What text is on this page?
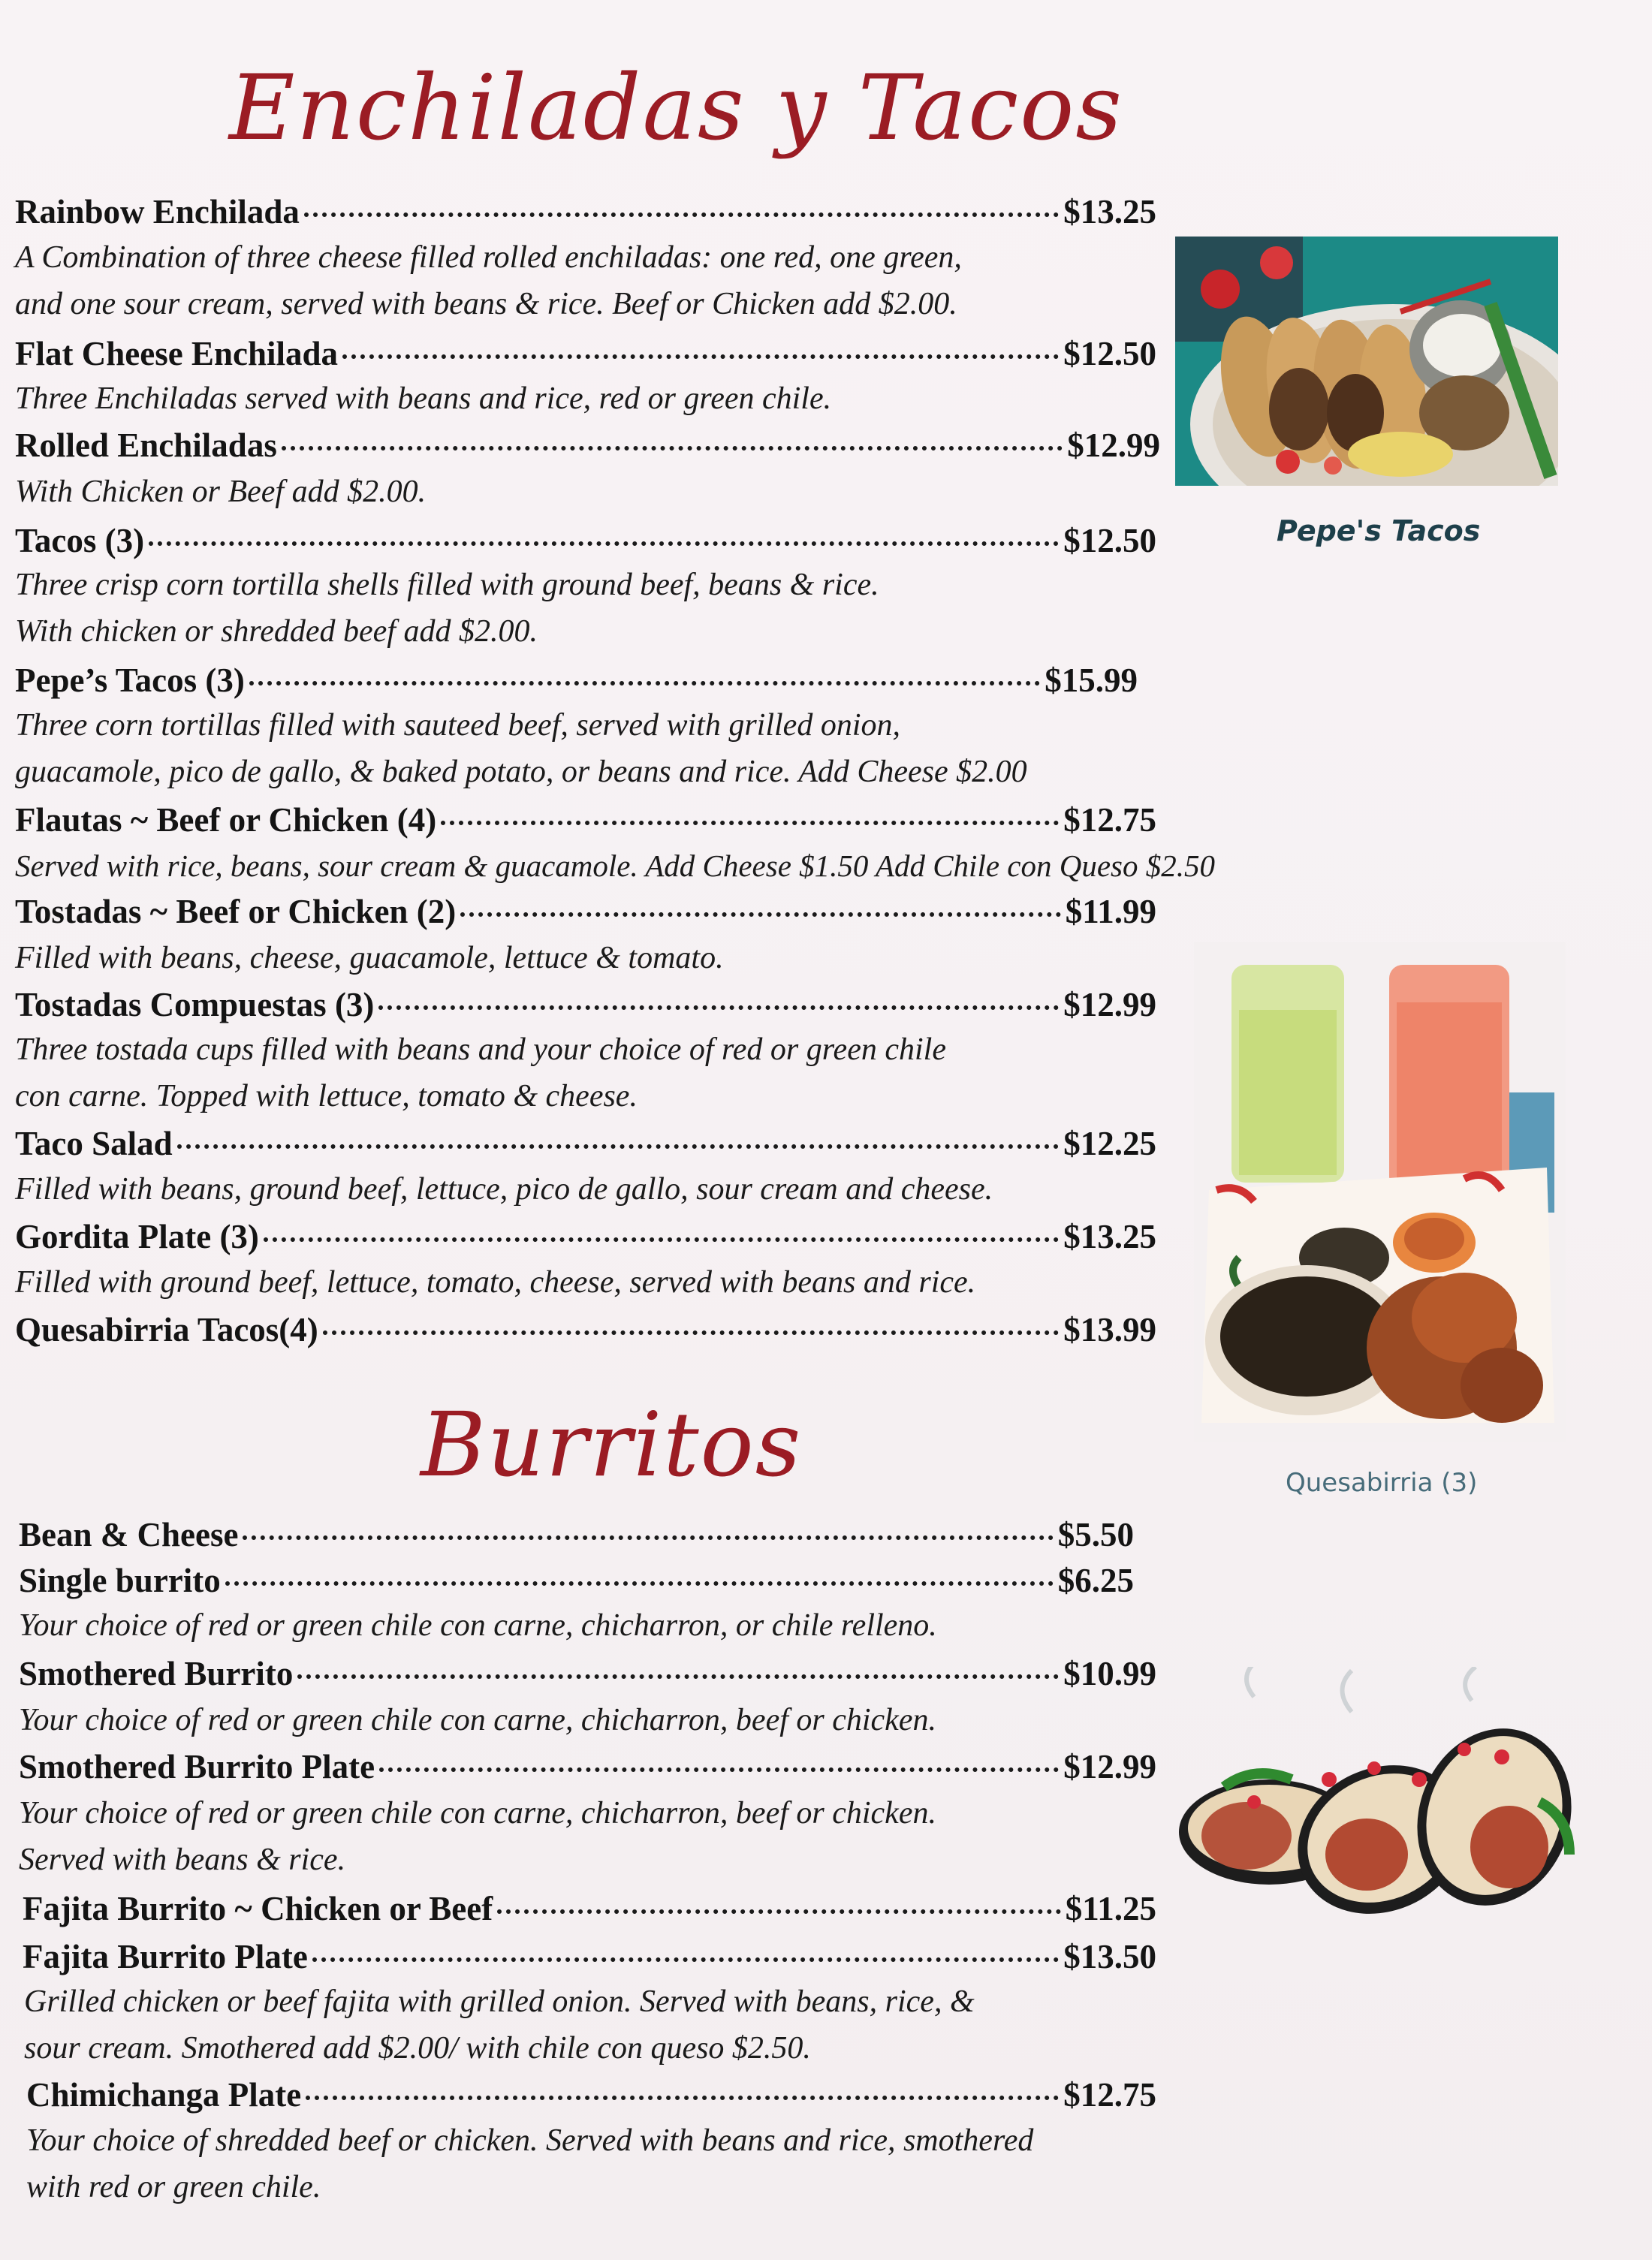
Enchiladas y Tacos
Rainbow Enchilada	$13.25
A Combination of three cheese filled rolled enchiladas: one red, one green,
and one sour cream, served with beans & rice. Beef or Chicken add $2.00.
Flat Cheese Enchilada	$12.50
Three Enchiladas served with beans and rice, red or green chile.
Rolled Enchiladas	$12.99
With Chicken or Beef add $2.00.
Tacos (3)	$12.50
Three crisp corn tortilla shells filled with ground beef, beans & rice.
With chicken or shredded beef add $2.00.
Pepe’s Tacos (3)	$15.99
Three corn tortillas filled with sauteed beef, served with grilled onion,
guacamole, pico de gallo, & baked potato, or beans and rice. Add Cheese $2.00
Flautas ~ Beef or Chicken (4)	$12.75
Served with rice, beans, sour cream & guacamole. Add Cheese $1.50 Add Chile con Queso $2.50
Tostadas ~ Beef or Chicken (2)	$11.99
Filled with beans, cheese, guacamole, lettuce & tomato.
Tostadas Compuestas (3)	$12.99
Three tostada cups filled with beans and your choice of red or green chile
con carne. Topped with lettuce, tomato & cheese.
Taco Salad	$12.25
Filled with beans, ground beef, lettuce, pico de gallo, sour cream and cheese.
Gordita Plate (3)	$13.25
Filled with ground beef, lettuce, tomato, cheese, served with beans and rice.
Quesabirria Tacos(4)	$13.99
Burritos
Bean & Cheese	$5.50
Single burrito	$6.25
Your choice of red or green chile con carne, chicharron, or chile relleno.
Smothered Burrito	$10.99
Your choice of red or green chile con carne, chicharron, beef or chicken.
Smothered Burrito Plate	$12.99
Your choice of red or green chile con carne, chicharron, beef or chicken.
Served with beans & rice.
Fajita Burrito ~ Chicken or Beef	$11.25
Fajita Burrito Plate	$13.50
Grilled chicken or beef fajita with grilled onion. Served with beans, rice, &
sour cream. Smothered add $2.00/ with chile con queso $2.50.
Chimichanga Plate	$12.75
Your choice of shredded beef or chicken. Served with beans and rice, smothered
with red or green chile.
Pepe's Tacos
Quesabirria (3)
